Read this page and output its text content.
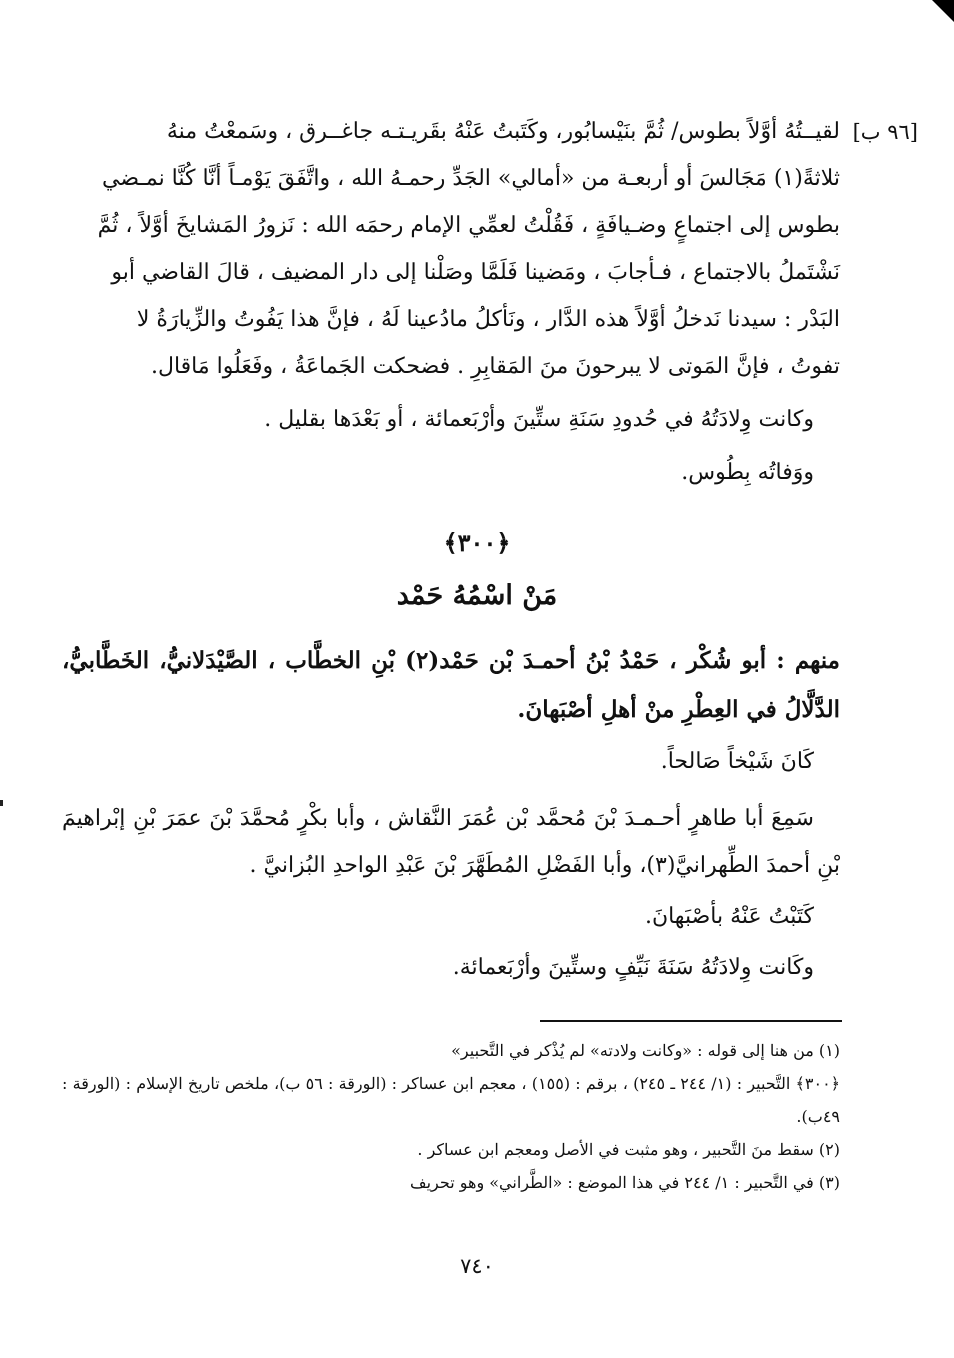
[٩٦ ب]

لقيــتُهُ أوَّلاً بطوس/ ثُمَّ بنَيْسابُور، وكَتَبتُ عَنْهُ بقَريـتـه جاغــرق ، وسَمعْتُ منهُ

ثلاثةً(١) مَجَالسَ أو أربعـة من «أمالي» الجَدِّ رحمـهُ الله ، واتَّفَقَ يَوْمـاً أنَّا كُنَّا نمـضي

بطوس إلى اجتماعٍ وضـيافَةٍ ، فَقُلْتُ لعمِّي الإمام رحمَه الله : نَزورُ المَشايخَ أوَّلاً ، ثُمَّ

نَشْتَملُ بالاجتماع ، فـأجابَ ، ومَضينا فَلَمَّا وصَلْنا إلى دار المضيف ، قالَ القاضي أبو

البَدْر : سيدنا نَدخلُ أوَّلاً هذه الدَّار ، ونَأكلُ مادُعينا لَهُ ، فإنَّ هذا يَفُوتُ والزِّيارَةُ لا

تفوتُ ، فإنَّ المَوتى لا يبرحونَ منَ المَقابِرِ . فضحكت الجَماعَةُ ، وفَعَلُوا مَاقال.

وكانت وِلادَتُهُ في حُدودِ سَنَةِ ستِّينَ وأرْبَعمائة ، أو بَعْدَها بقليل .

ووَفاتُه بِطُوس.

﴿٣٠٠﴾
مَنْ اسْمُهُ حَمْد

منهم : أبو شُكْر ، حَمْدُ بْنُ أحمـدَ بْن حَمْد(٢) بْنِ الخطَّاب ، الصَّيْدَلانيُّ، الخَطَّابيُّ، الدَّلَّالُ في العِطْرِ منْ أهلِ أصْبَهانَ.

كَانَ شَيْخاً صَالحاً.

سَمِعَ أبا طاهرٍ أحـمـدَ بْنَ مُحمَّد بْن عُمَرَ النَّقاش ، وأبا بكْرٍ مُحمَّدَ بْنَ عمَرَ بْنِ إبْراهيمَ بْنِ أحمدَ الطِّهرانيَّ(٣)، وأبا الفَضْلِ المُطَهَّرَ بْنَ عَبْدِ الواحدِ البُزانيَّ .

كَتَبْتُ عَنْهُ بأصْبَهانَ.

وكَانت وِلادَتُهُ سَنَةَ نَيِّفٍ وستِّينَ وأرْبَعمائة.

(١) من هنا إلى قوله : «وكانت ولادته» لم يُذْكر في التَّحبير»

﴿٣٠٠﴾ التَّحبير : (١/ ٢٤٤ ـ ٢٤٥) ، برقم : (١٥٥) ، معجم ابن عساكر : (الورقة : ٥٦ ب)، ملخص تاريخ الإسلام : (الورقة : ٤٩ب).

(٢) سقط منَ التَّحبير ، وهو مثبت في الأصل ومعجم ابن عساكر .

(٣) في التَّحبير : ١/ ٢٤٤ في هذا الموضع : «الطَّراني» وهو تحريف

٧٤٠
